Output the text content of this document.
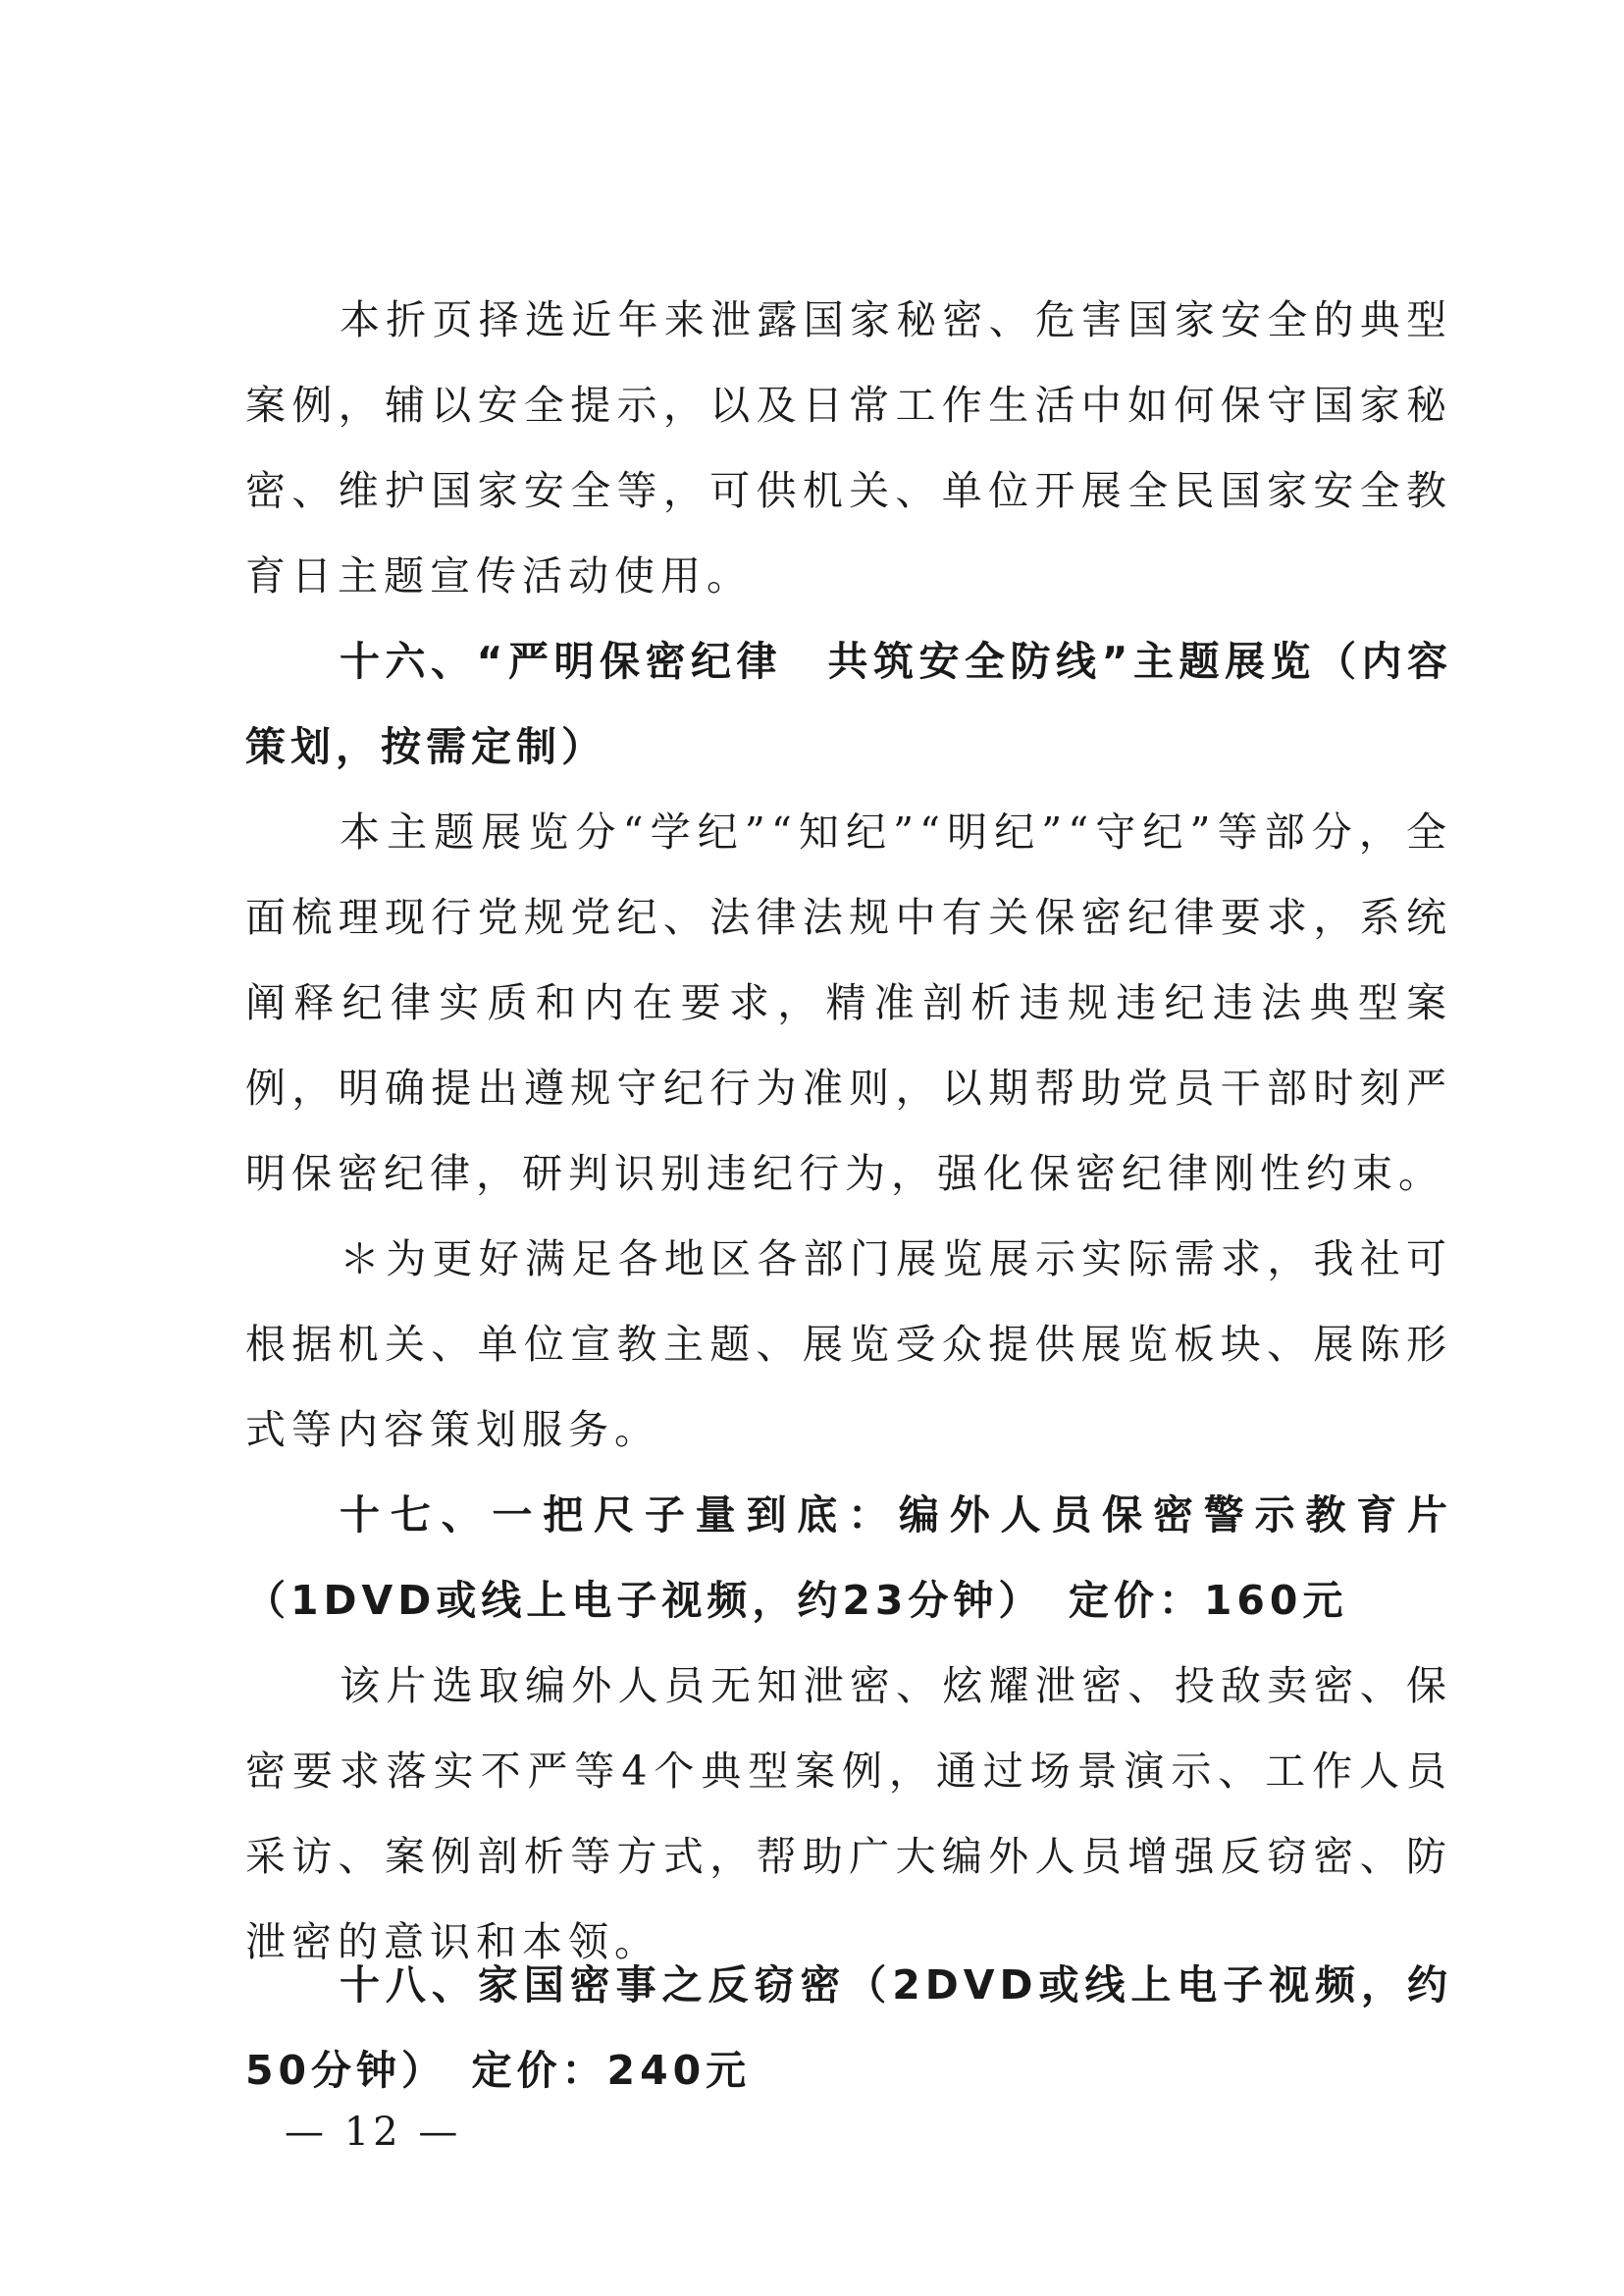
本折页择选近年来泄露国家秘密、危害国家安全的典型案例，辅以安全提示，以及日常工作生活中如何保守国家秘密、维护国家安全等，可供机关、单位开展全民国家安全教育日主题宣传活动使用。

十六、“严明保密纪律　共筑安全防线”主题展览（内容策划，按需定制）

本主题展览分“学纪”“知纪”“明纪”“守纪”等部分，全面梳理现行党规党纪、法律法规中有关保密纪律要求，系统阐释纪律实质和内在要求，精准剖析违规违纪违法典型案例，明确提出遵规守纪行为准则，以期帮助党员干部时刻严明保密纪律，研判识别违纪行为，强化保密纪律刚性约束。

＊为更好满足各地区各部门展览展示实际需求，我社可根据机关、单位宣教主题、展览受众提供展览板块、展陈形式等内容策划服务。

十七、一把尺子量到底：编外人员保密警示教育片（1DVD或线上电子视频，约23分钟）　定价：160元

该片选取编外人员无知泄密、炫耀泄密、投敌卖密、保密要求落实不严等4个典型案例，通过场景演示、工作人员采访、案例剖析等方式，帮助广大编外人员增强反窃密、防泄密的意识和本领。

十八、家国密事之反窃密（2DVD或线上电子视频，约50分钟）　定价：240元

— 12 —
